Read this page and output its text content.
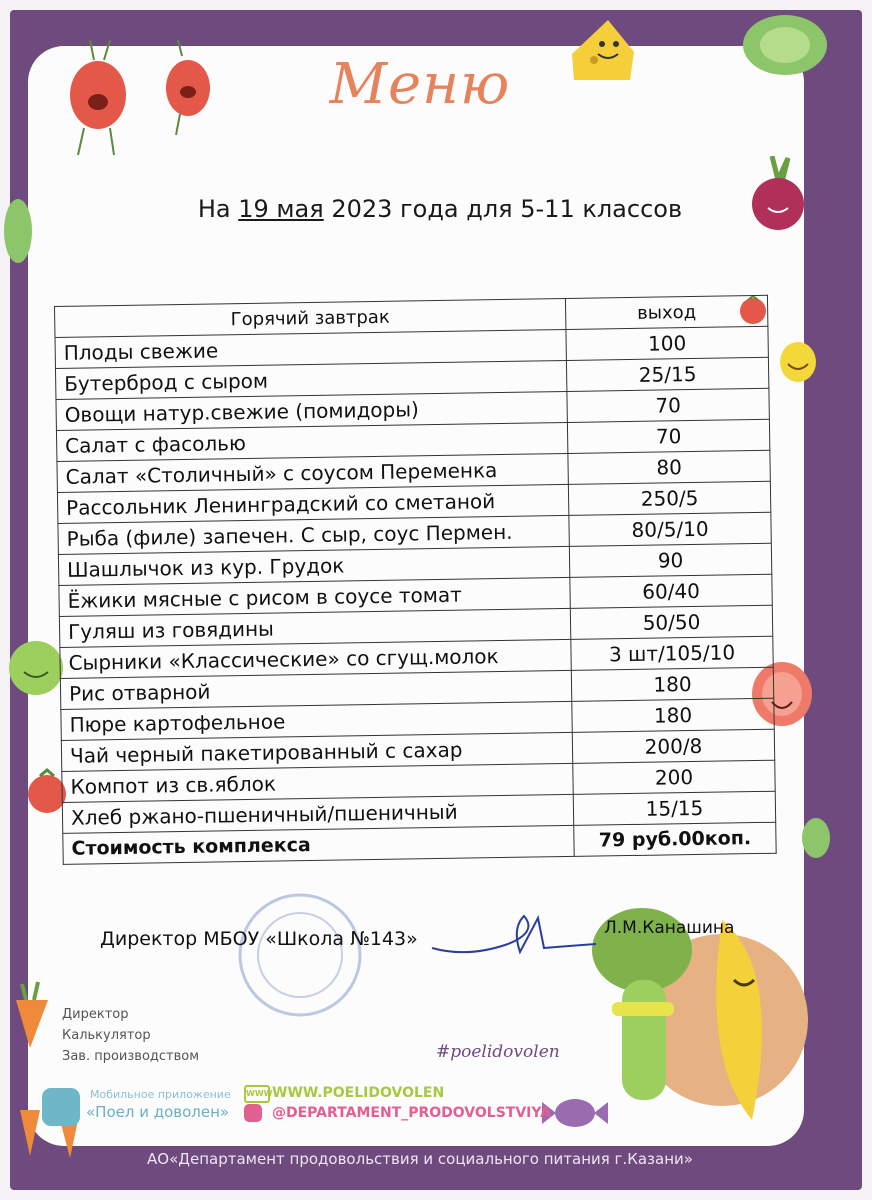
Меню
На 19 мая 2023 года для 5-11 классов
Горячий завтрак	выход
Плоды свежие	100
Бутерброд с сыром	25/15
Овощи натур.свежие (помидоры)	70
Салат с фасолью	70
Салат «Столичный» с соусом Переменка	80
Рассольник Ленинградский со сметаной	250/5
Рыба (филе) запечен. С сыр, соус Пермен.	80/5/10
Шашлычок из кур. Грудок	90
Ёжики мясные с рисом в соусе томат	60/40
Гуляш из говядины	50/50
Сырники «Классические» со сгущ.молок	3 шт/105/10
Рис отварной	180
Пюре картофельное	180
Чай черный пакетированный с сахар	200/8
Компот из св.яблок	200
Хлеб ржано-пшеничный/пшеничный	15/15
Стоимость комплекса	79 руб.00коп.
Директор МБОУ «Школа №143»	Л.М.Канашина
Директор
Калькулятор
Зав. производством	#poelidovolen
Мобильное приложение
«Поел и доволен»
WWW WWW.POELIDOVOLEN
@DEPARTAMENT_PRODOVOLSTVIYA
АО«Департамент продовольствия и социального питания г.Казани»
